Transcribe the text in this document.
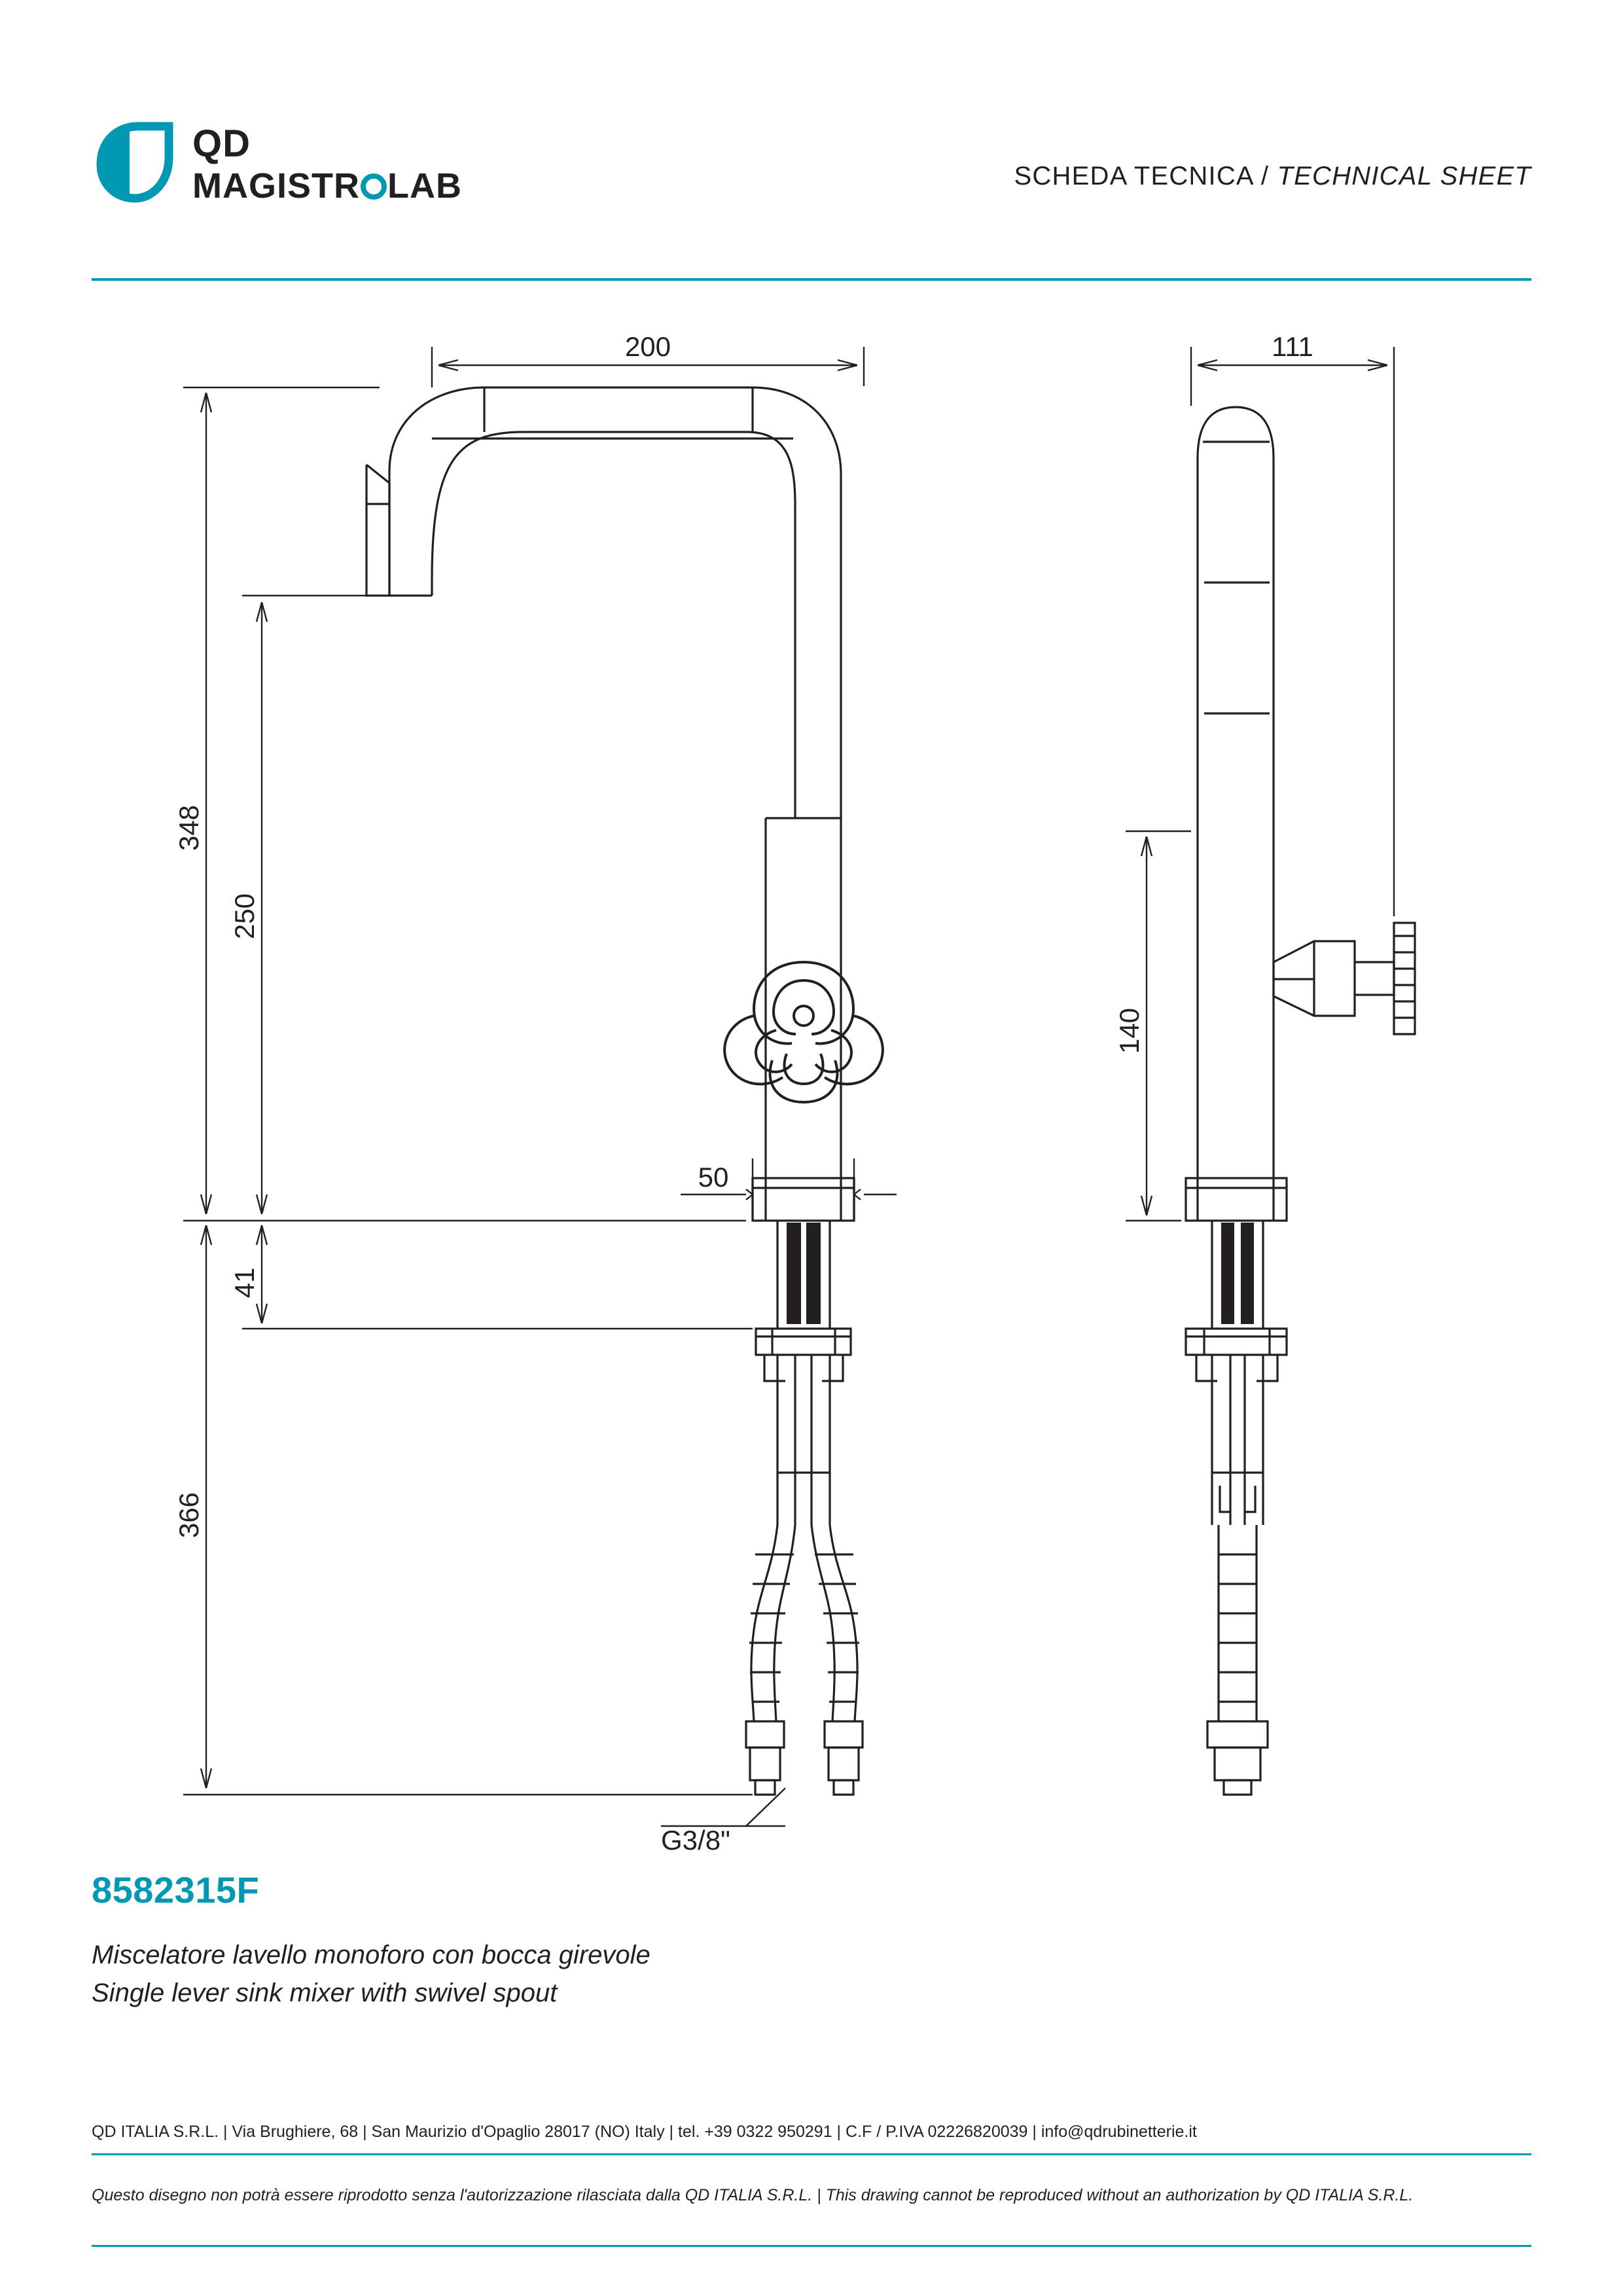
QD
MAGISTR LAB	SCHEDA TECNICA / TECHNICAL SHEET
200	111
348
250
41
366
50
140
G3/8"
8582315F
Miscelatore lavello monoforo con bocca girevole
Single lever sink mixer with swivel spout
QD ITALIA S.R.L. | Via Brughiere, 68 | San Maurizio d'Opaglio 28017 (NO) Italy | tel. +39 0322 950291 | C.F / P.IVA 02226820039 | info@qdrubinetterie.it
Questo disegno non potrà essere riprodotto senza l'autorizzazione rilasciata dalla QD ITALIA S.R.L. | This drawing cannot be reproduced without an authorization by QD ITALIA S.R.L.
